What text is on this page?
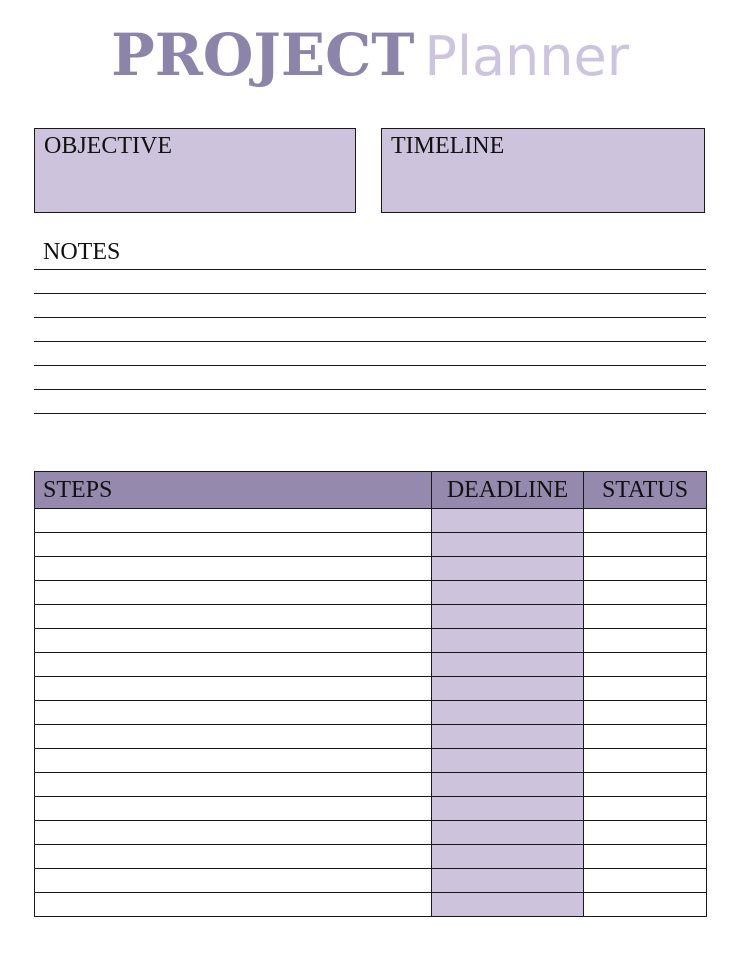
PROJECT Planner
OBJECTIVE	TIMELINE
NOTES
STEPS	DEADLINE	STATUS
